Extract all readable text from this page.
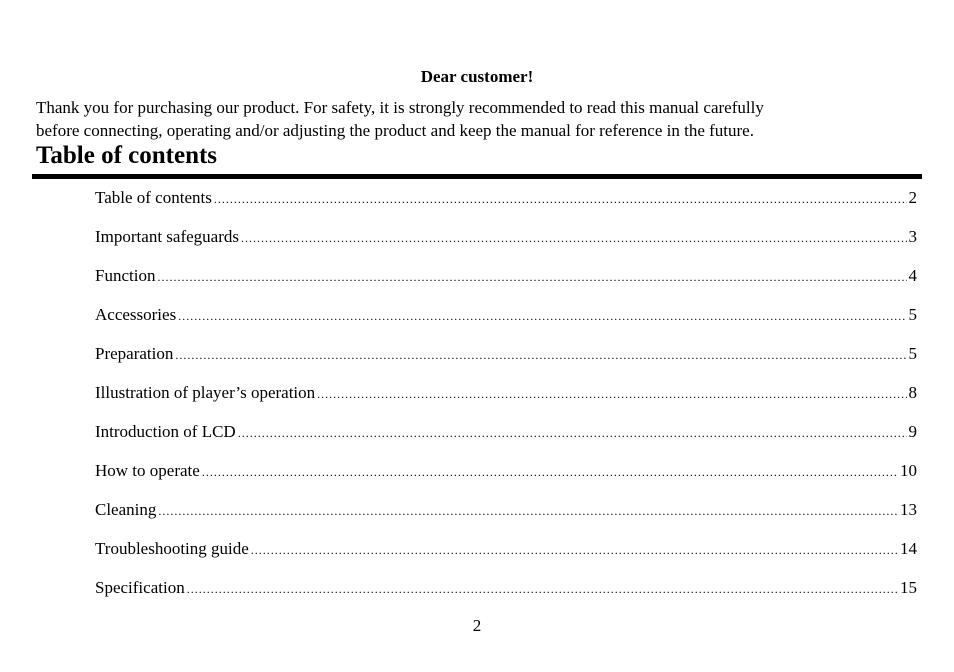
Dear customer!

Thank you for purchasing our product. For safety, it is strongly recommended to read this manual carefully

before connecting, operating and/or adjusting the product and keep the manual for reference in the future.

Table of contents
Table of contents .....	2
Important safeguards .....	3
Function .....	4
Accessories .....	5
Preparation .....	5
Illustration of player’s operation .....	8
Introduction of LCD .....	9
How to operate .....	10
Cleaning .....	13
Troubleshooting guide .....	14
Specification .....	15
2
